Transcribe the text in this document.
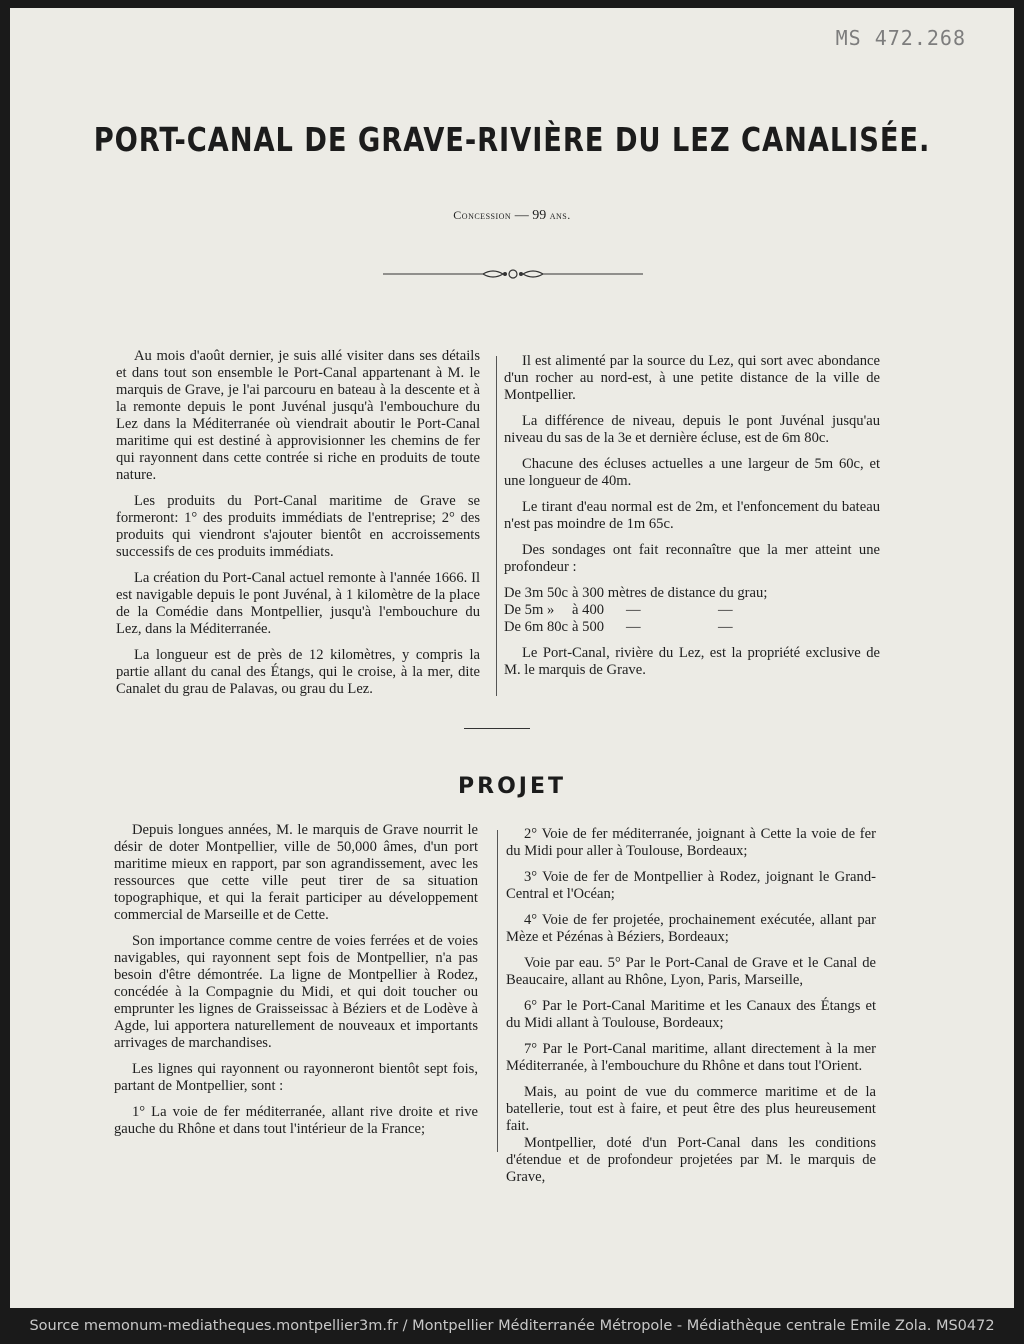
MS 472.268
PORT-CANAL DE GRAVE-RIVIÈRE DU LEZ CANALISÉE.
Concession — 99 ans.

Au mois d'août dernier, je suis allé visiter dans ses détails et dans tout son ensemble le Port-Canal appartenant à M. le marquis de Grave, je l'ai parcouru en bateau à la descente et à la remonte depuis le pont Juvénal jusqu'à l'embouchure du Lez dans la Méditerranée où viendrait aboutir le Port-Canal maritime qui est destiné à approvisionner les chemins de fer qui rayonnent dans cette contrée si riche en produits de toute nature.

Les produits du Port-Canal maritime de Grave se formeront: 1° des produits immédiats de l'entreprise; 2° des produits qui viendront s'ajouter bientôt en accroissements successifs de ces produits immédiats.

La création du Port-Canal actuel remonte à l'année 1666. Il est navigable depuis le pont Juvénal, à 1 kilomètre de la place de la Comédie dans Montpellier, jusqu'à l'embouchure du Lez, dans la Méditerranée.

La longueur est de près de 12 kilomètres, y compris la partie allant du canal des Étangs, qui le croise, à la mer, dite Canalet du grau de Palavas, ou grau du Lez.

Il est alimenté par la source du Lez, qui sort avec abondance d'un rocher au nord-est, à une petite distance de la ville de Montpellier.

La différence de niveau, depuis le pont Juvénal jusqu'au niveau du sas de la 3e et dernière écluse, est de 6m 80c.

Chacune des écluses actuelles a une largeur de 5m 60c, et une longueur de 40m.

Le tirant d'eau normal est de 2m, et l'enfoncement du bateau n'est pas moindre de 1m 65c.

Des sondages ont fait reconnaître que la mer atteint une profondeur :

De 3m 50c	à 300 mètres de distance du grau;		
De 5m »	à 400	—	—
De 6m 80c	à 500	—	—

Le Port-Canal, rivière du Lez, est la propriété exclusive de M. le marquis de Grave.

PROJET

Depuis longues années, M. le marquis de Grave nourrit le désir de doter Montpellier, ville de 50,000 âmes, d'un port maritime mieux en rapport, par son agrandissement, avec les ressources que cette ville peut tirer de sa situation topographique, et qui la ferait participer au développement commercial de Marseille et de Cette.

Son importance comme centre de voies ferrées et de voies navigables, qui rayonnent sept fois de Montpellier, n'a pas besoin d'être démontrée. La ligne de Montpellier à Rodez, concédée à la Compagnie du Midi, et qui doit toucher ou emprunter les lignes de Graisseissac à Béziers et de Lodève à Agde, lui apportera naturellement de nouveaux et importants arrivages de marchandises.

Les lignes qui rayonnent ou rayonneront bientôt sept fois, partant de Montpellier, sont :

1° La voie de fer méditerranée, allant rive droite et rive gauche du Rhône et dans tout l'intérieur de la France;

2° Voie de fer méditerranée, joignant à Cette la voie de fer du Midi pour aller à Toulouse, Bordeaux;

3° Voie de fer de Montpellier à Rodez, joignant le Grand-Central et l'Océan;

4° Voie de fer projetée, prochainement exécutée, allant par Mèze et Pézénas à Béziers, Bordeaux;

Voie par eau. 5° Par le Port-Canal de Grave et le Canal de Beaucaire, allant au Rhône, Lyon, Paris, Marseille,

6° Par le Port-Canal Maritime et les Canaux des Étangs et du Midi allant à Toulouse, Bordeaux;

7° Par le Port-Canal maritime, allant directement à la mer Méditerranée, à l'embouchure du Rhône et dans tout l'Orient.

Mais, au point de vue du commerce maritime et de la batellerie, tout est à faire, et peut être des plus heureusement fait.

Montpellier, doté d'un Port-Canal dans les conditions d'étendue et de profondeur projetées par M. le marquis de Grave,

Source memonum-mediatheques.montpellier3m.fr / Montpellier Méditerranée Métropole - Médiathèque centrale Emile Zola. MS0472
